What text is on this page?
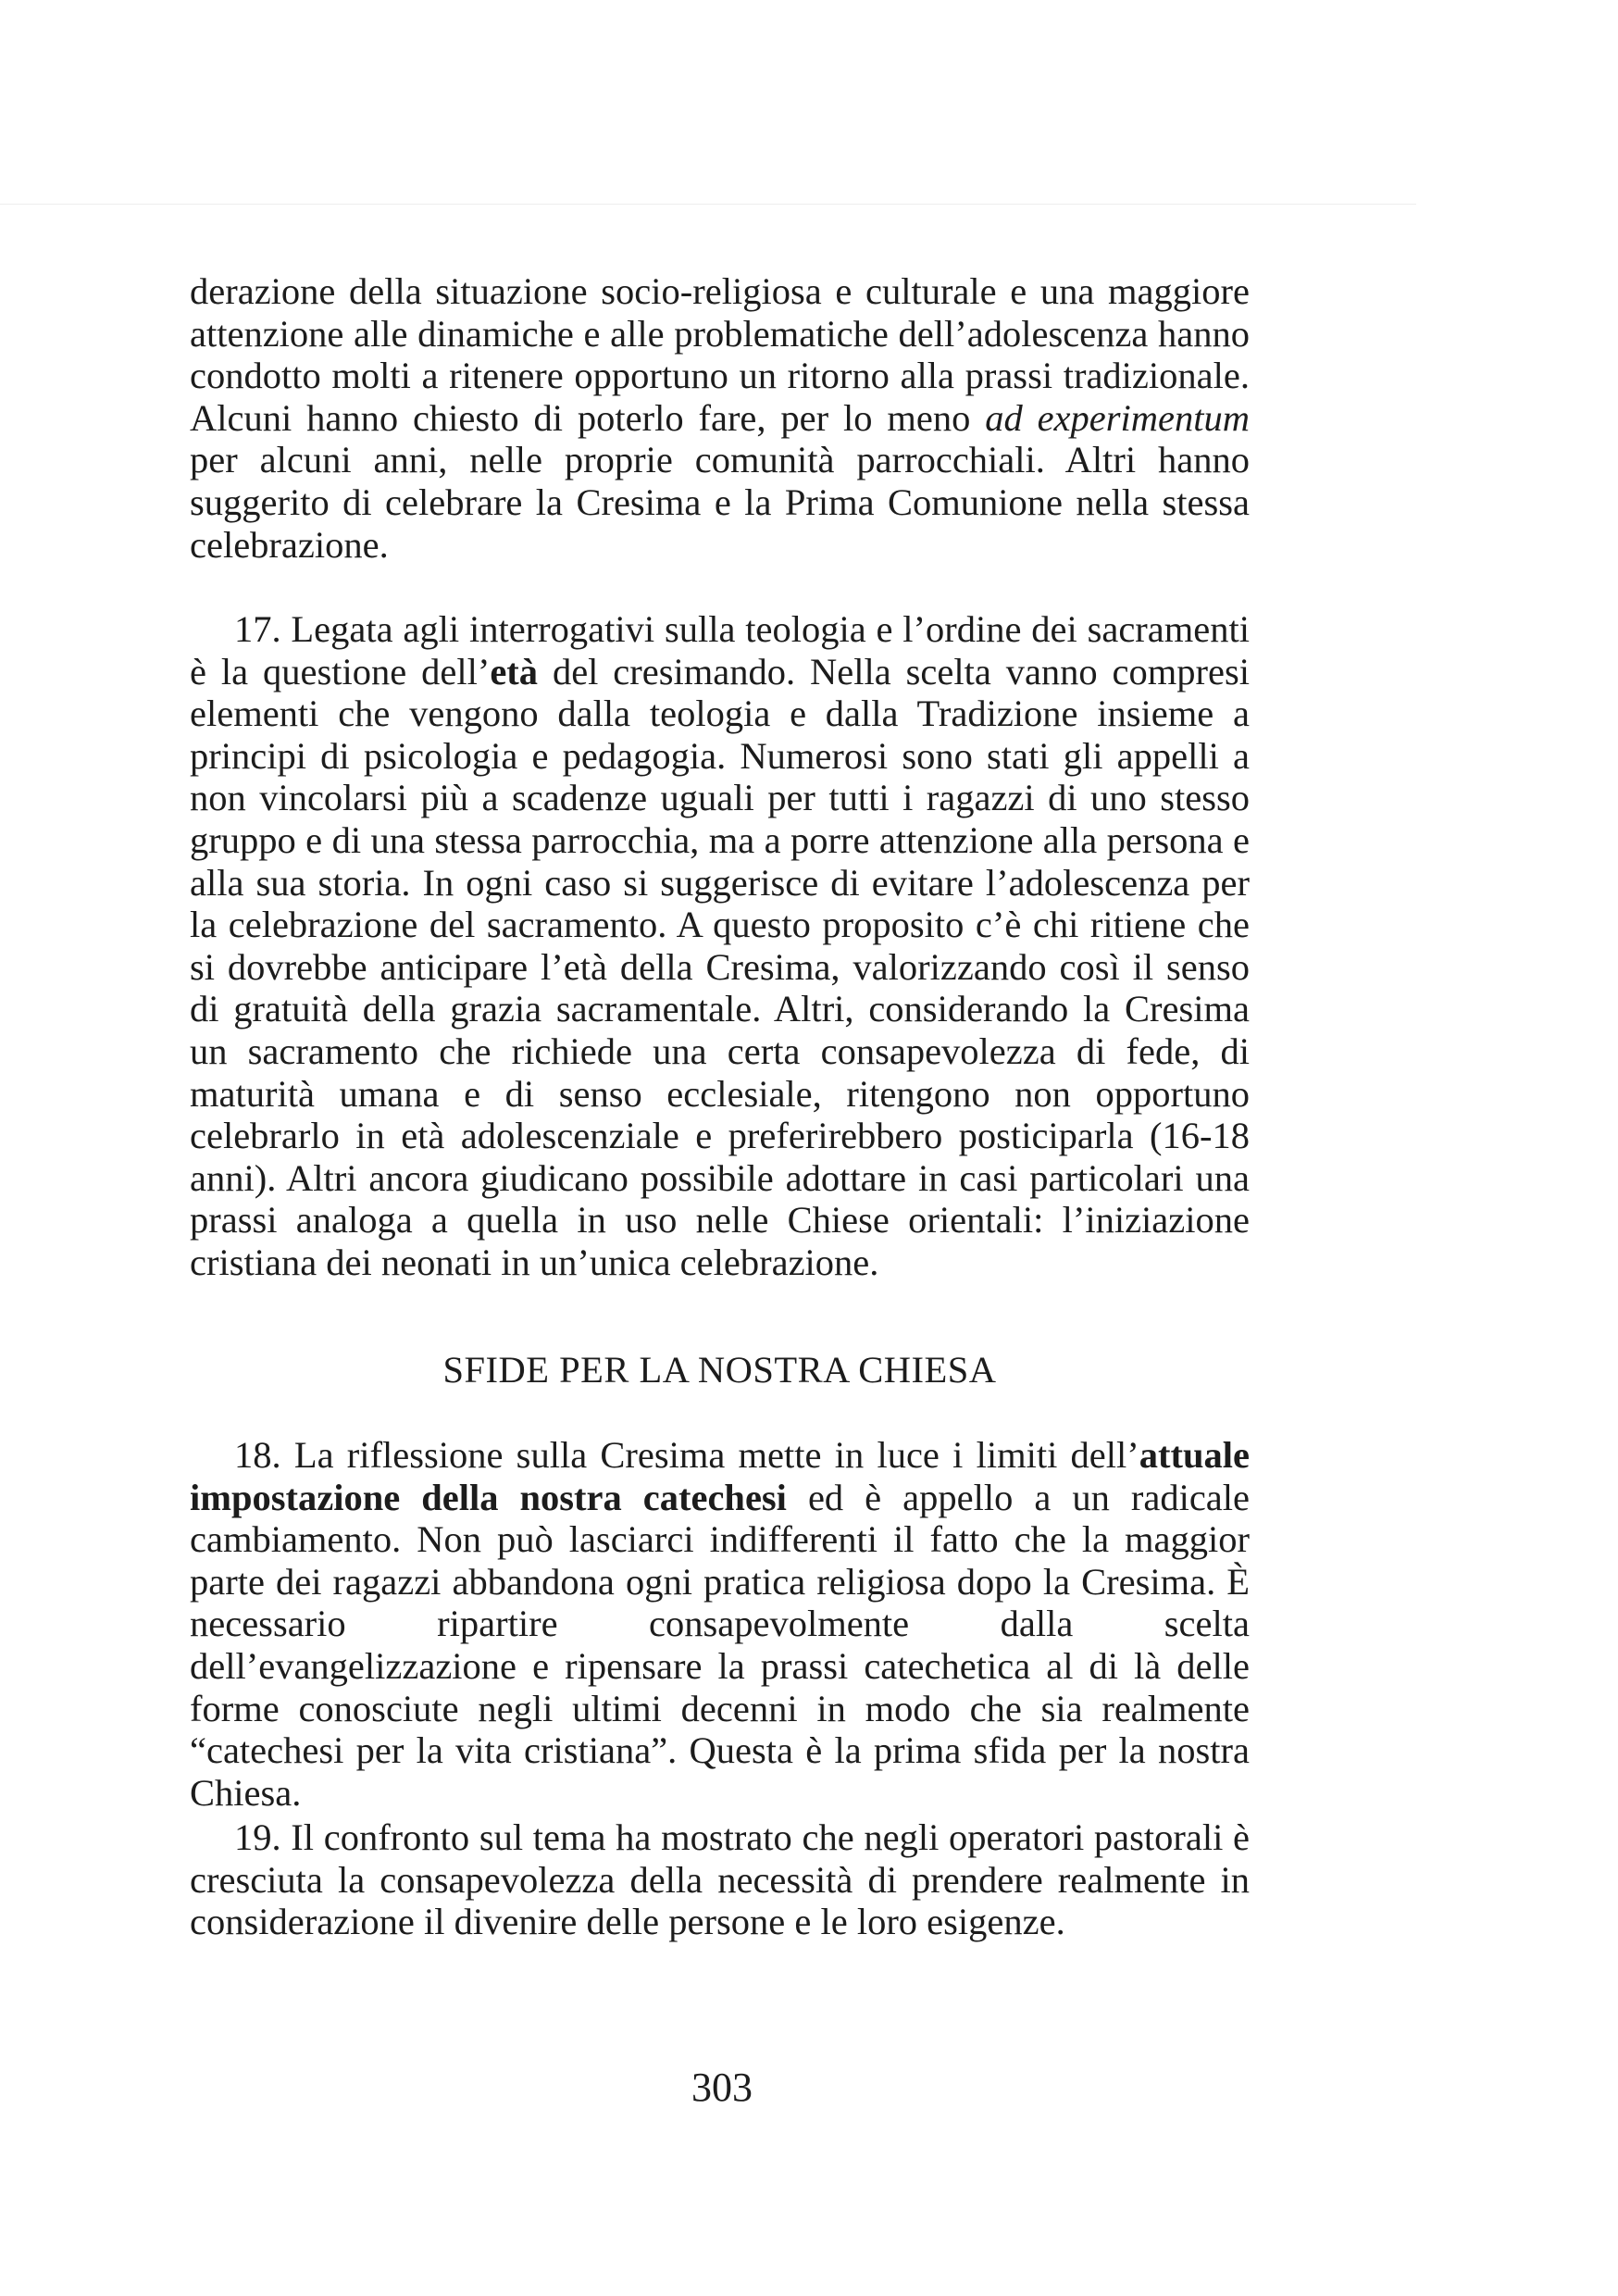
derazione della situazione socio-religiosa e culturale e una maggiore attenzione alle dinamiche e alle problematiche dell’adolescenza hanno condotto molti a ritenere opportuno un ritorno alla prassi tradizionale. Alcuni hanno chiesto di poterlo fare, per lo meno ad experimentum per alcuni anni, nelle proprie comunità parrocchiali. Altri hanno suggerito di celebrare la Cresima e la Prima Comunione nella stessa celebrazione.

17. Legata agli interrogativi sulla teologia e l’ordine dei sacramenti è la questione dell’età del cresimando. Nella scelta vanno compresi elementi che vengono dalla teologia e dalla Tradizione insieme a principi di psicologia e pedagogia. Numerosi sono stati gli appelli a non vincolarsi più a scadenze uguali per tutti i ragazzi di uno stesso gruppo e di una stessa parrocchia, ma a porre attenzione alla persona e alla sua storia. In ogni caso si suggerisce di evitare l’adolescenza per la celebrazione del sacramento. A questo proposito c’è chi ritiene che si dovrebbe anticipare l’età della Cresima, valorizzando così il senso di gratuità della grazia sacramentale. Altri, considerando la Cresima un sacramento che richiede una certa consapevolezza di fede, di maturità umana e di senso ecclesiale, ritengono non opportuno celebrarlo in età adolescenziale e preferirebbero posticiparla (16-18 anni). Altri ancora giudicano possibile adottare in casi particolari una prassi analoga a quella in uso nelle Chiese orientali: l’iniziazione cristiana dei neonati in un’unica celebrazione.

SFIDE PER LA NOSTRA CHIESA

18. La riflessione sulla Cresima mette in luce i limiti dell’attuale impostazione della nostra catechesi ed è appello a un radicale cambiamento. Non può lasciarci indifferenti il fatto che la maggior parte dei ragazzi abbandona ogni pratica religiosa dopo la Cresima. È necessario ripartire consapevolmente dalla scelta dell’evangelizzazione e ripensare la prassi catechetica al di là delle forme conosciute negli ultimi decenni in modo che sia realmente “catechesi per la vita cristiana”. Questa è la prima sfida per la nostra Chiesa.

19. Il confronto sul tema ha mostrato che negli operatori pastorali è cresciuta la consapevolezza della necessità di prendere realmente in considerazione il divenire delle persone e le loro esigenze.

303
